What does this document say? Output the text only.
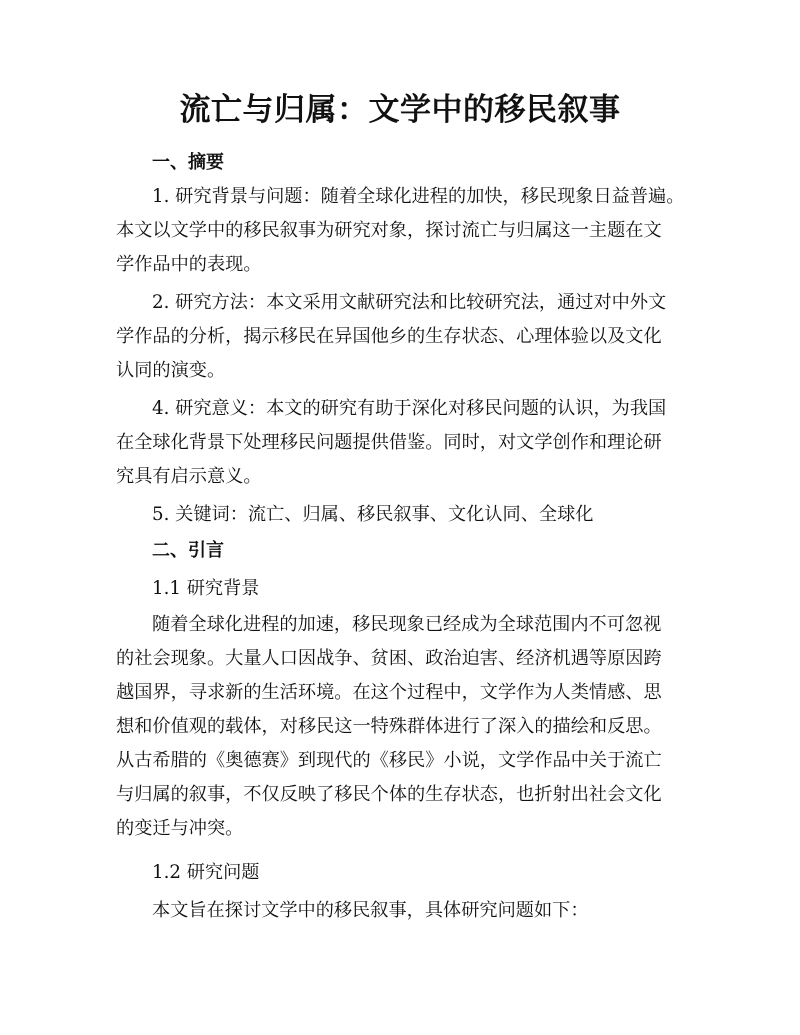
流亡与归属：文学中的移民叙事
一、摘要
1. 研究背景与问题：随着全球化进程的加快，移民现象日益普遍。
本文以文学中的移民叙事为研究对象，探讨流亡与归属这一主题在文
学作品中的表现。
2. 研究方法：本文采用文献研究法和比较研究法，通过对中外文
学作品的分析，揭示移民在异国他乡的生存状态、心理体验以及文化
认同的演变。
4. 研究意义：本文的研究有助于深化对移民问题的认识，为我国
在全球化背景下处理移民问题提供借鉴。同时，对文学创作和理论研
究具有启示意义。
5. 关键词：流亡、归属、移民叙事、文化认同、全球化
二、引言
1.1 研究背景
随着全球化进程的加速，移民现象已经成为全球范围内不可忽视
的社会现象。大量人口因战争、贫困、政治迫害、经济机遇等原因跨
越国界，寻求新的生活环境。在这个过程中，文学作为人类情感、思
想和价值观的载体，对移民这一特殊群体进行了深入的描绘和反思。
从古希腊的《奥德赛》到现代的《移民》小说，文学作品中关于流亡
与归属的叙事，不仅反映了移民个体的生存状态，也折射出社会文化
的变迁与冲突。
1.2 研究问题
本文旨在探讨文学中的移民叙事，具体研究问题如下：
